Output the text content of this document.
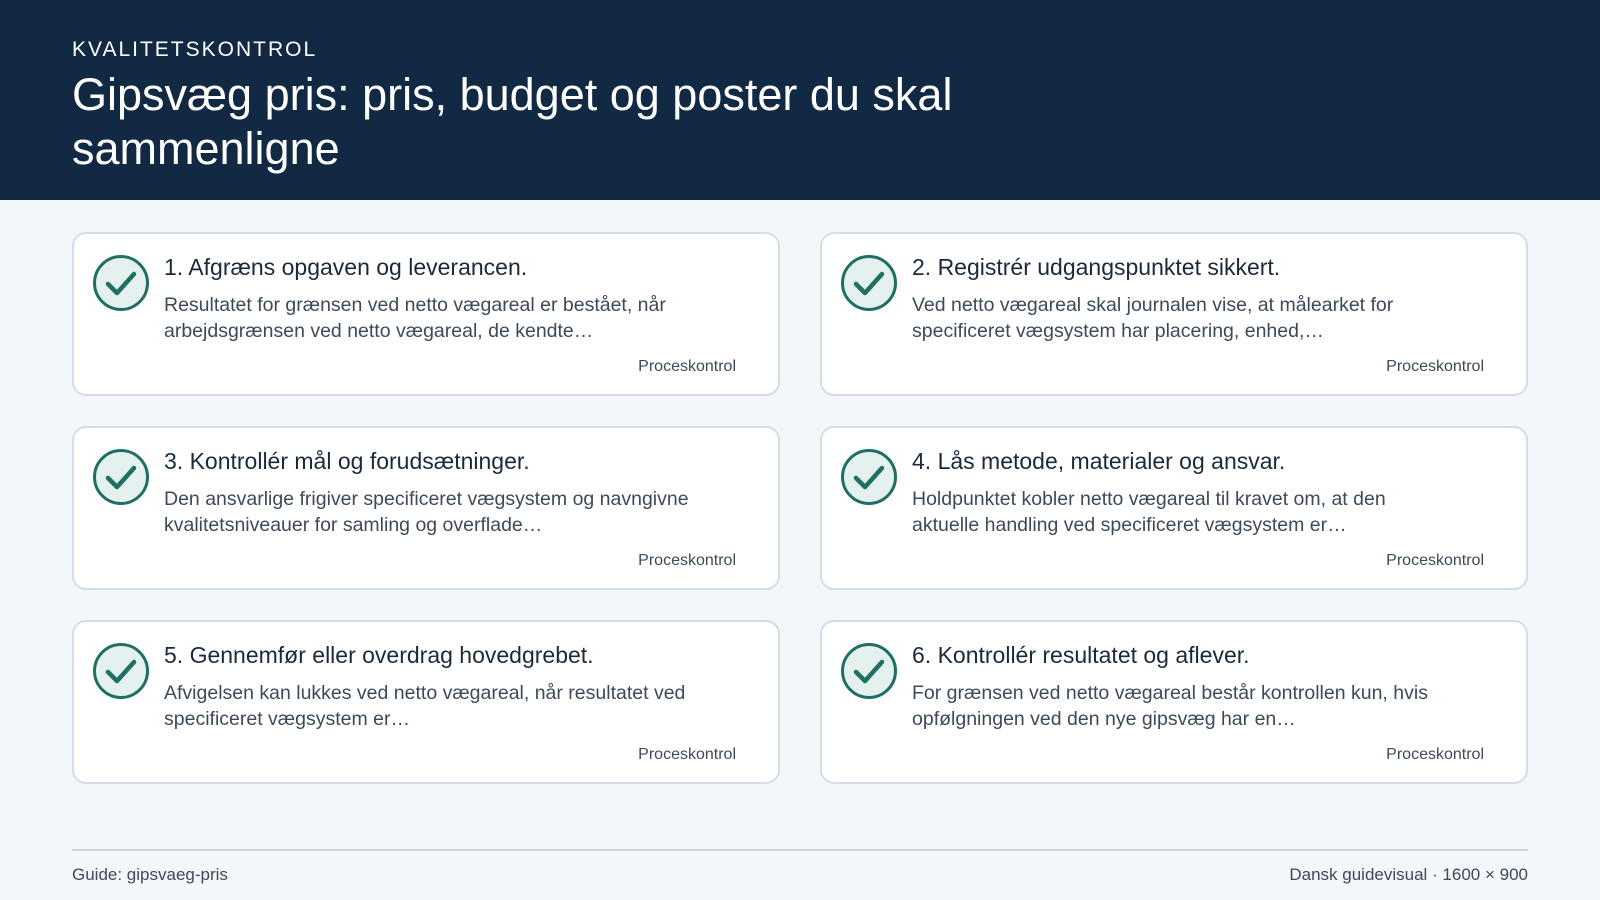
KVALITETSKONTROL
Gipsvæg pris: pris, budget og poster du skal sammenligne
1. Afgræns opgaven og leverancen.
Resultatet for grænsen ved netto vægareal er bestået, når arbejdsgrænsen ved netto vægareal, de kendte…
Proceskontrol
2. Registrér udgangspunktet sikkert.
Ved netto vægareal skal journalen vise, at målearket for specificeret vægsystem har placering, enhed,…
Proceskontrol
3. Kontrollér mål og forudsætninger.
Den ansvarlige frigiver specificeret vægsystem og navngivne kvalitetsniveauer for samling og overflade…
Proceskontrol
4. Lås metode, materialer og ansvar.
Holdpunktet kobler netto vægareal til kravet om, at den aktuelle handling ved specificeret vægsystem er…
Proceskontrol
5. Gennemfør eller overdrag hovedgrebet.
Afvigelsen kan lukkes ved netto vægareal, når resultatet ved specificeret vægsystem er…
Proceskontrol
6. Kontrollér resultatet og aflever.
For grænsen ved netto vægareal består kontrollen kun, hvis opfølgningen ved den nye gipsvæg har en…
Proceskontrol
Guide: gipsvaeg-pris	Dansk guidevisual · 1600 × 900
